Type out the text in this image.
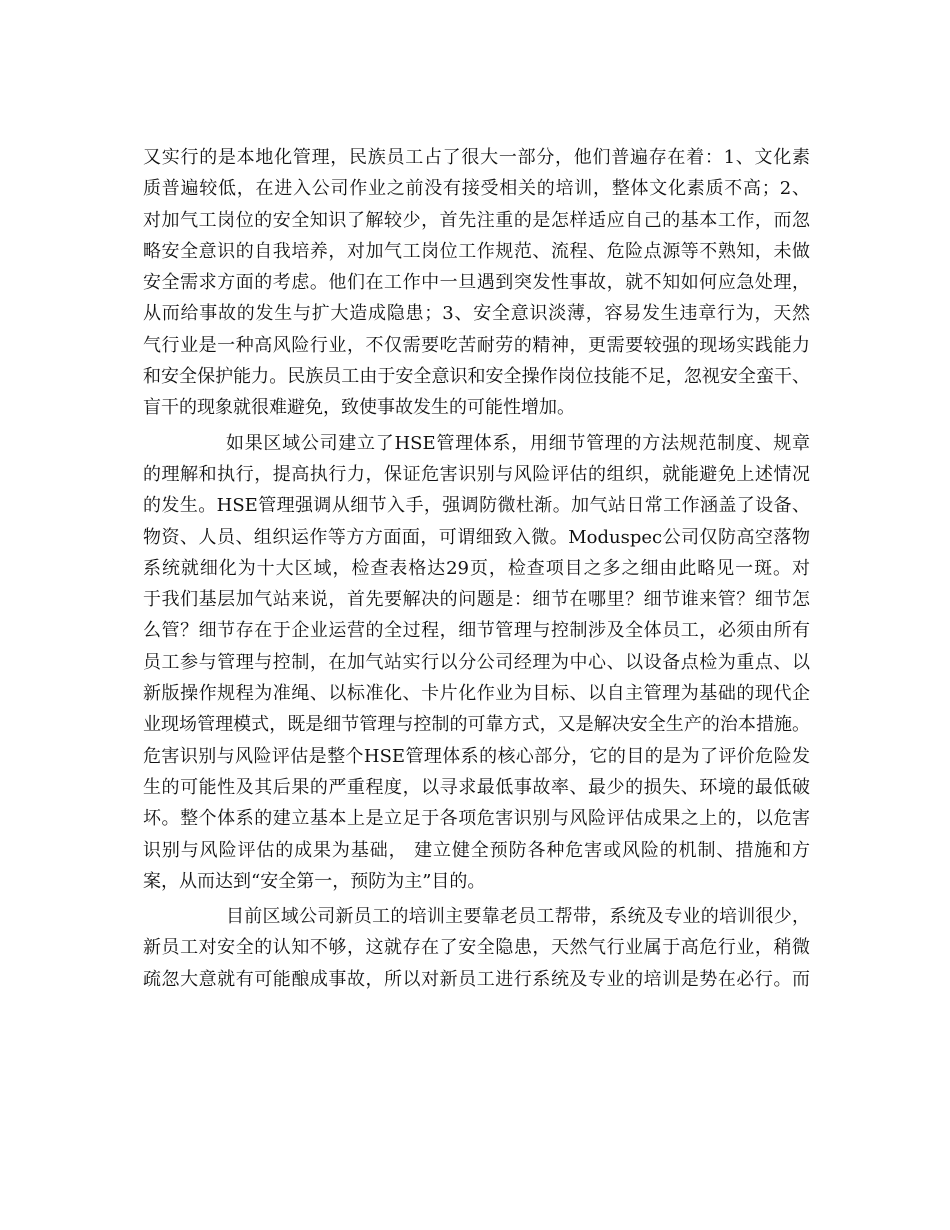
又实行的是本地化管理，民族员工占了很大一部分，他们普遍存在着：1、文化素
质普遍较低，在进入公司作业之前没有接受相关的培训，整体文化素质不高；2、
对加气工岗位的安全知识了解较少，首先注重的是怎样适应自己的基本工作，而忽
略安全意识的自我培养，对加气工岗位工作规范、流程、危险点源等不熟知，未做
安全需求方面的考虑。他们在工作中一旦遇到突发性事故，就不知如何应急处理，
从而给事故的发生与扩大造成隐患；3、安全意识淡薄，容易发生违章行为，天然
气行业是一种高风险行业，不仅需要吃苦耐劳的精神，更需要较强的现场实践能力
和安全保护能力。民族员工由于安全意识和安全操作岗位技能不足，忽视安全蛮干、
盲干的现象就很难避免，致使事故发生的可能性增加。
如果区域公司建立了HSE管理体系，用细节管理的方法规范制度、规章
的理解和执行，提高执行力，保证危害识别与风险评估的组织，就能避免上述情况
的发生。HSE管理强调从细节入手，强调防微杜渐。加气站日常工作涵盖了设备、
物资、人员、组织运作等方方面面，可谓细致入微。Moduspec公司仅防高空落物
系统就细化为十大区域，检查表格达29页，检查项目之多之细由此略见一斑。对
于我们基层加气站来说，首先要解决的问题是：细节在哪里？细节谁来管？细节怎
么管？细节存在于企业运营的全过程，细节管理与控制涉及全体员工，必须由所有
员工参与管理与控制，在加气站实行以分公司经理为中心、以设备点检为重点、以
新版操作规程为准绳、以标准化、卡片化作业为目标、以自主管理为基础的现代企
业现场管理模式，既是细节管理与控制的可靠方式，又是解决安全生产的治本措施。
危害识别与风险评估是整个HSE管理体系的核心部分，它的目的是为了评价危险发
生的可能性及其后果的严重程度，以寻求最低事故率、最少的损失、环境的最低破
坏。整个体系的建立基本上是立足于各项危害识别与风险评估成果之上的，以危害
识别与风险评估的成果为基础， 建立健全预防各种危害或风险的机制、措施和方
案，从而达到“安全第一，预防为主”目的。
目前区域公司新员工的培训主要靠老员工帮带，系统及专业的培训很少，
新员工对安全的认知不够，这就存在了安全隐患，天然气行业属于高危行业，稍微
疏忽大意就有可能酿成事故，所以对新员工进行系统及专业的培训是势在必行。而
